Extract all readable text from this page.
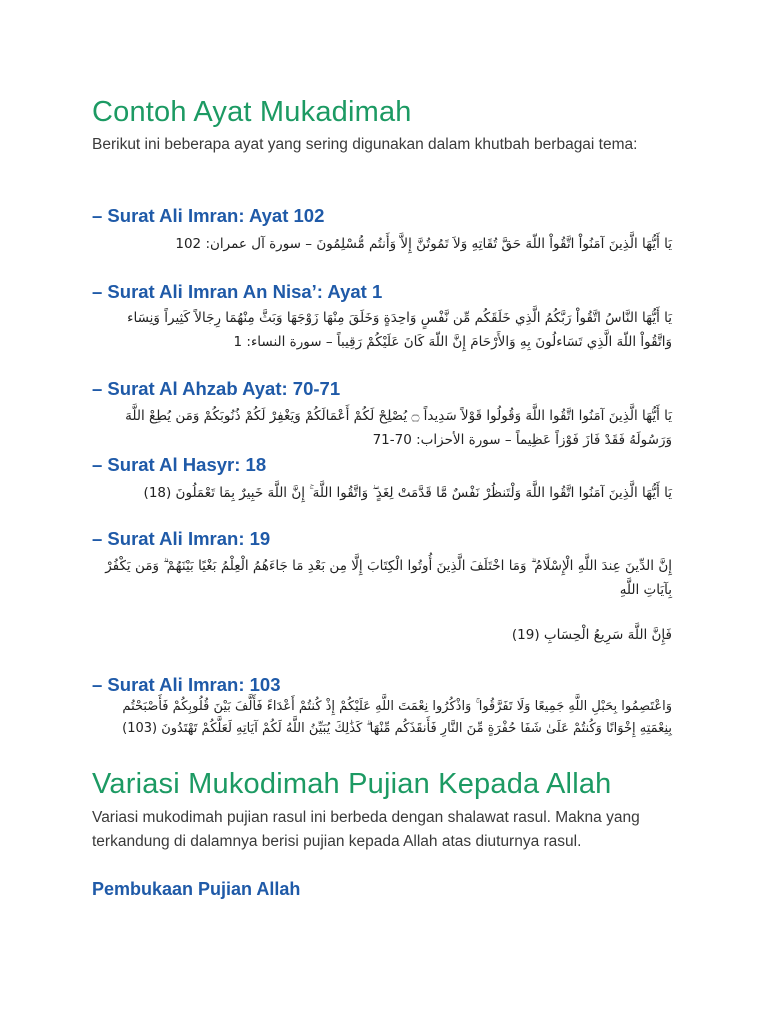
Contoh Ayat Mukadimah

Berikut ini beberapa ayat yang sering digunakan dalam khutbah berbagai tema:

– Surat Ali Imran: Ayat 102

يَا أَيُّهَا الَّذِينَ آمَنُواْ اتَّقُواْ اللّهَ حَقَّ تُقَاتِهِ وَلاَ تَمُوتُنَّ إِلاَّ وَأَنتُم مُّسْلِمُونَ – سورة آل عمران: 102

– Surat Ali Imran An Nisa’: Ayat 1

يَا أَيُّهَا النَّاسُ اتَّقُواْ رَبَّكُمُ الَّذِي خَلَقَكُم مِّن نَّفْسٍ وَاحِدَةٍ وَخَلَقَ مِنْهَا زَوْجَهَا وَبَثَّ مِنْهُمَا رِجَالاً كَثِيراً وَنِسَاء وَاتَّقُواْ اللّهَ الَّذِي تَسَاءلُونَ بِهِ وَالأَرْحَامَ إِنَّ اللّهَ كَانَ عَلَيْكُمْ رَقِيباً – سورة النساء: 1

– Surat Al Ahzab Ayat: 70-71

يَا أَيُّهَا الَّذِينَ آمَنُوا اتَّقُوا اللَّهَ وَقُولُوا قَوْلاً سَدِيداً ۝ يُصْلِحْ لَكُمْ أَعْمَالَكُمْ وَيَغْفِرْ لَكُمْ ذُنُوبَكُمْ وَمَن يُطِعْ اللَّهَ وَرَسُولَهُ فَقَدْ فَازَ فَوْزاً عَظِيماً – سورة الأحزاب: 70-71

– Surat Al Hasyr: 18

يَا أَيُّهَا الَّذِينَ آمَنُوا اتَّقُوا اللَّهَ وَلْتَنظُرْ نَفْسٌ مَّا قَدَّمَتْ لِغَدٍ ۖ وَاتَّقُوا اللَّهَ ۚ إِنَّ اللَّهَ خَبِيرٌ بِمَا تَعْمَلُونَ (18)

– Surat Ali Imran: 19

إِنَّ الدِّينَ عِندَ اللَّهِ الْإِسْلَامُ ۗ وَمَا اخْتَلَفَ الَّذِينَ أُوتُوا الْكِتَابَ إِلَّا مِن بَعْدِ مَا جَاءَهُمُ الْعِلْمُ بَغْيًا بَيْنَهُمْ ۗ وَمَن يَكْفُرْ بِآيَاتِ اللَّهِ

فَإِنَّ اللَّهَ سَرِيعُ الْحِسَابِ (19)

– Surat Ali Imran: 103

وَاعْتَصِمُوا بِحَبْلِ اللَّهِ جَمِيعًا وَلَا تَفَرَّقُوا ۚ وَاذْكُرُوا نِعْمَتَ اللَّهِ عَلَيْكُمْ إِذْ كُنتُمْ أَعْدَاءً فَأَلَّفَ بَيْنَ قُلُوبِكُمْ فَأَصْبَحْتُم بِنِعْمَتِهِ إِخْوَانًا وَكُنتُمْ عَلَىٰ شَفَا حُفْرَةٍ مِّنَ النَّارِ فَأَنقَذَكُم مِّنْهَا ۗ كَذَٰلِكَ يُبَيِّنُ اللَّهُ لَكُمْ آيَاتِهِ لَعَلَّكُمْ تَهْتَدُونَ (103)

Variasi Mukodimah Pujian Kepada Allah

Variasi mukodimah pujian rasul ini berbeda dengan shalawat rasul. Makna yang terkandung di dalamnya berisi pujian kepada Allah atas diuturnya rasul.

Pembukaan Pujian Allah
